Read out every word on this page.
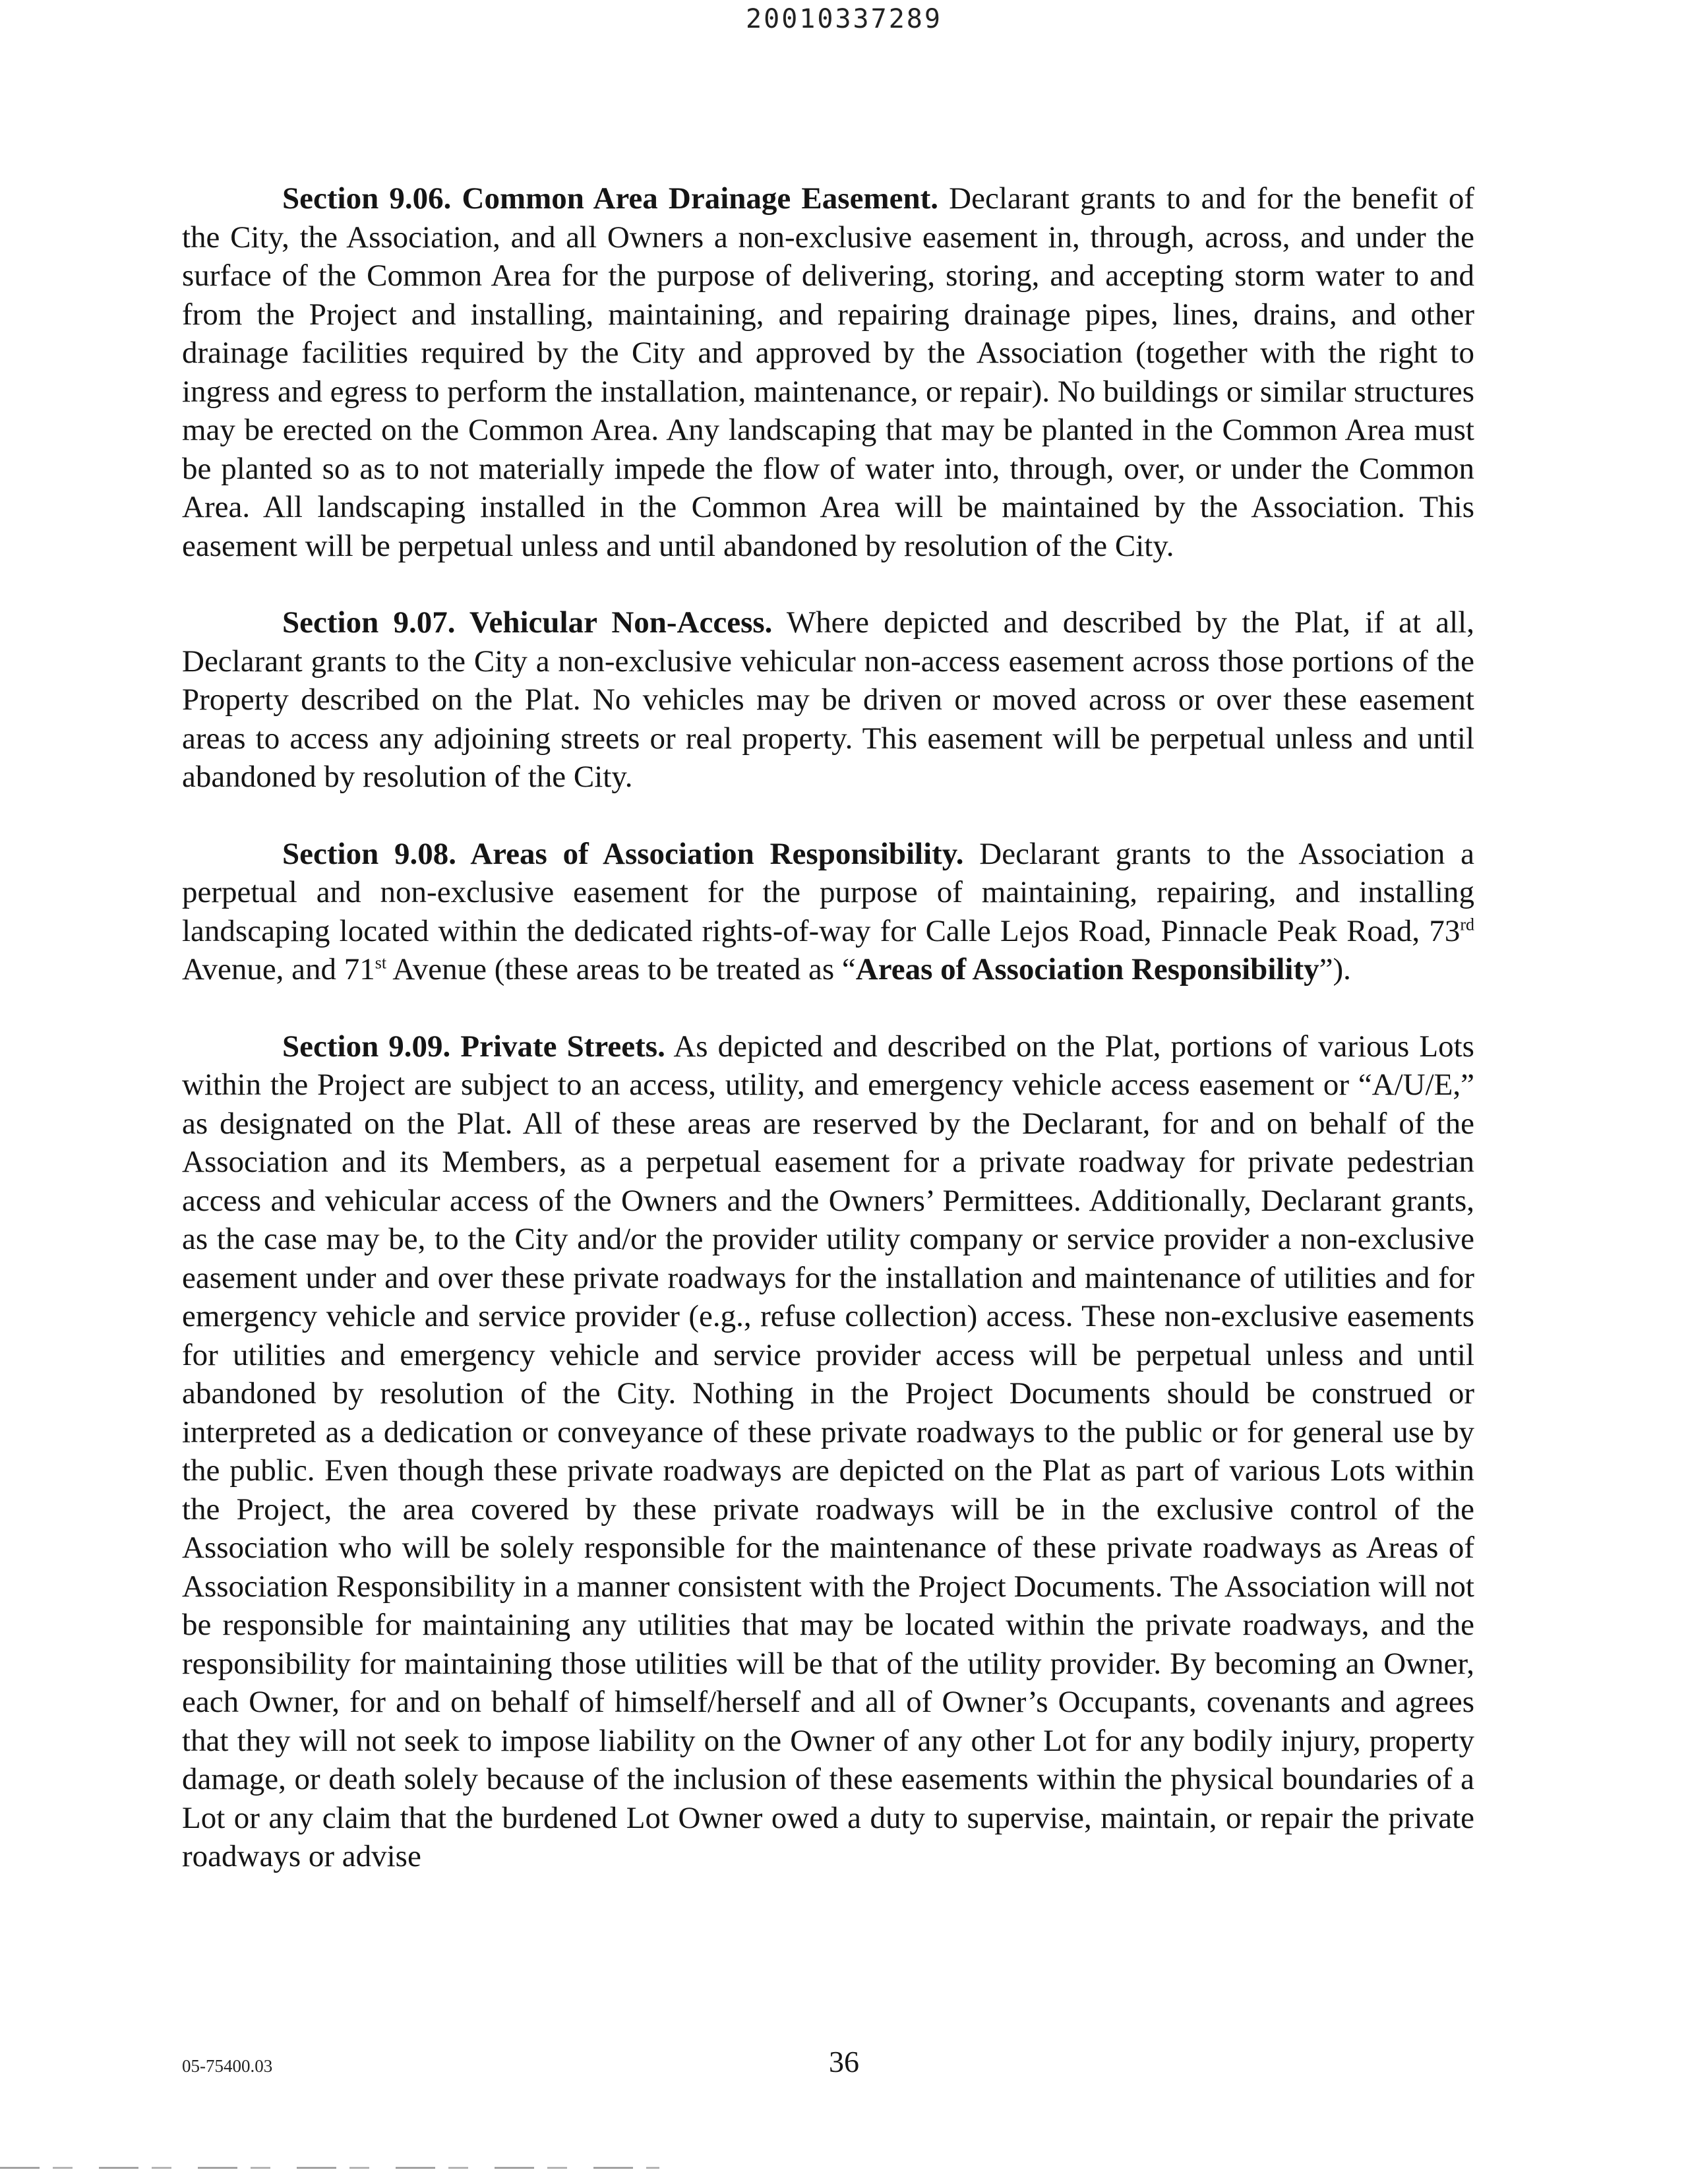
20010337289

Section 9.06. Common Area Drainage Easement. Declarant grants to and for the benefit of the City, the Association, and all Owners a non-exclusive easement in, through, across, and under the surface of the Common Area for the purpose of delivering, storing, and accepting storm water to and from the Project and installing, maintaining, and repairing drainage pipes, lines, drains, and other drainage facilities required by the City and approved by the Association (together with the right to ingress and egress to perform the installation, maintenance, or repair). No buildings or similar structures may be erected on the Common Area. Any landscaping that may be planted in the Common Area must be planted so as to not materially impede the flow of water into, through, over, or under the Common Area. All landscaping installed in the Common Area will be maintained by the Association. This easement will be perpetual unless and until abandoned by resolution of the City.

Section 9.07. Vehicular Non-Access. Where depicted and described by the Plat, if at all, Declarant grants to the City a non-exclusive vehicular non-access easement across those portions of the Property described on the Plat. No vehicles may be driven or moved across or over these easement areas to access any adjoining streets or real property. This easement will be perpetual unless and until abandoned by resolution of the City.

Section 9.08. Areas of Association Responsibility. Declarant grants to the Association a perpetual and non-exclusive easement for the purpose of maintaining, repairing, and installing landscaping located within the dedicated rights-of-way for Calle Lejos Road, Pinnacle Peak Road, 73rd Avenue, and 71st Avenue (these areas to be treated as “Areas of Association Responsibility”).

Section 9.09. Private Streets. As depicted and described on the Plat, portions of various Lots within the Project are subject to an access, utility, and emergency vehicle access easement or “A/U/E,” as designated on the Plat. All of these areas are reserved by the Declarant, for and on behalf of the Association and its Members, as a perpetual easement for a private roadway for private pedestrian access and vehicular access of the Owners and the Owners’ Permittees. Additionally, Declarant grants, as the case may be, to the City and/or the provider utility company or service provider a non-exclusive easement under and over these private roadways for the installation and maintenance of utilities and for emergency vehicle and service provider (e.g., refuse collection) access. These non-exclusive easements for utilities and emergency vehicle and service provider access will be perpetual unless and until abandoned by resolution of the City. Nothing in the Project Documents should be construed or interpreted as a dedication or conveyance of these private roadways to the public or for general use by the public. Even though these private roadways are depicted on the Plat as part of various Lots within the Project, the area covered by these private roadways will be in the exclusive control of the Association who will be solely responsible for the maintenance of these private roadways as Areas of Association Responsibility in a manner consistent with the Project Documents. The Association will not be responsible for maintaining any utilities that may be located within the private roadways, and the responsibility for maintaining those utilities will be that of the utility provider. By becoming an Owner, each Owner, for and on behalf of himself/herself and all of Owner’s Occupants, covenants and agrees that they will not seek to impose liability on the Owner of any other Lot for any bodily injury, property damage, or death solely because of the inclusion of these easements within the physical boundaries of a Lot or any claim that the burdened Lot Owner owed a duty to supervise, maintain, or repair the private roadways or advise

05-75400.03	36
